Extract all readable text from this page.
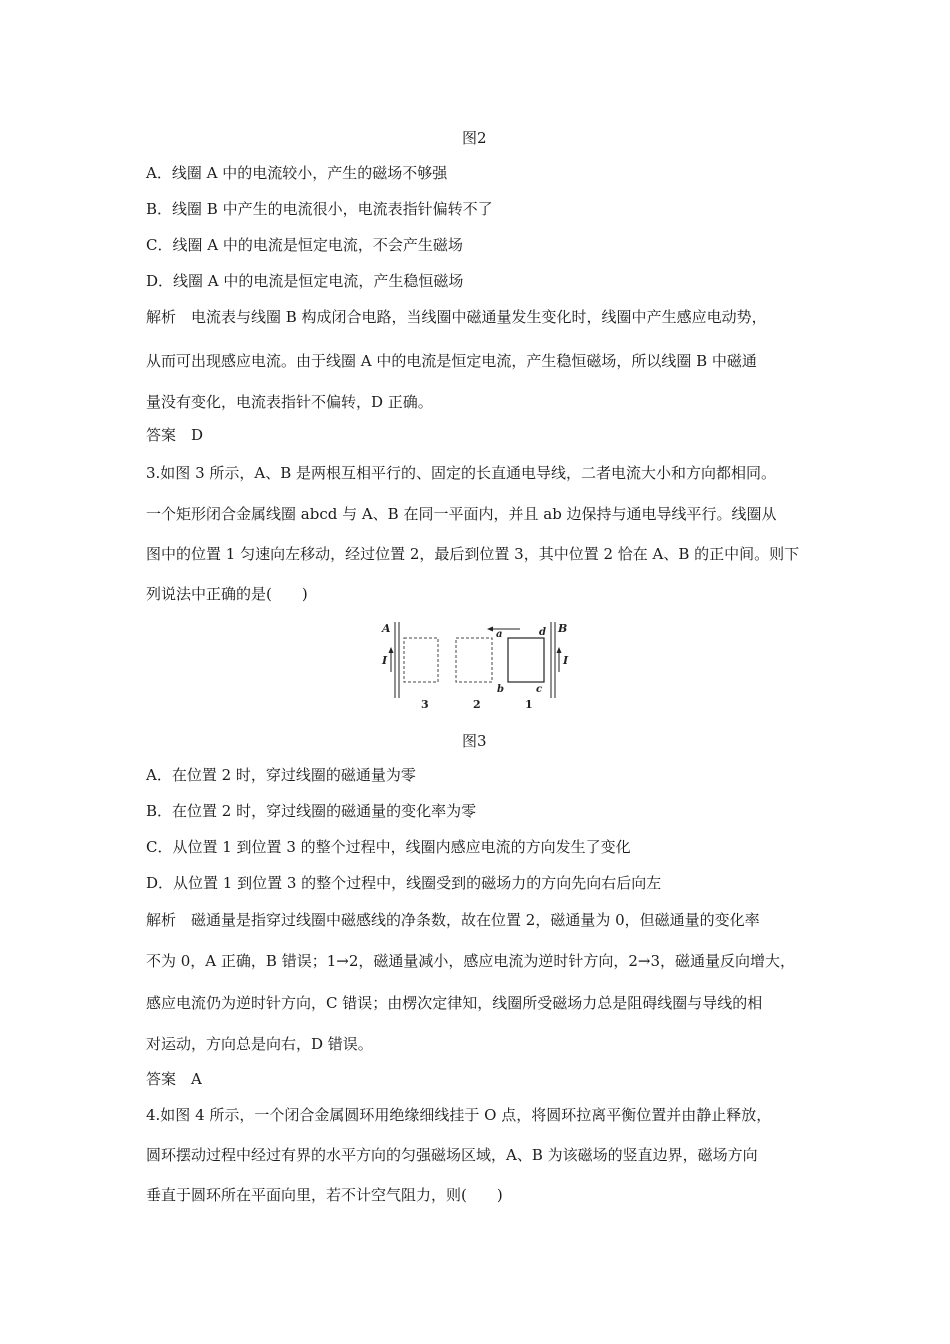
图2
A．线圈 A 中的电流较小，产生的磁场不够强
B．线圈 B 中产生的电流很小，电流表指针偏转不了
C．线圈 A 中的电流是恒定电流，不会产生磁场
D．线圈 A 中的电流是恒定电流，产生稳恒磁场
解析　电流表与线圈 B 构成闭合电路，当线圈中磁通量发生变化时，线圈中产生感应电动势，
从而可出现感应电流。由于线圈 A 中的电流是恒定电流，产生稳恒磁场，所以线圈 B 中磁通
量没有变化，电流表指针不偏转，D 正确。
答案　D
3.如图 3 所示，A、B 是两根互相平行的、固定的长直通电导线，二者电流大小和方向都相同。
一个矩形闭合金属线圈 abcd 与 A、B 在同一平面内，并且 ab 边保持与通电导线平行。线圈从
图中的位置 1 匀速向左移动，经过位置 2，最后到位置 3，其中位置 2 恰在 A、B 的正中间。则下
列说法中正确的是(　　)
A	B
I	I
a	d
b	c
3	2	1
图3
A．在位置 2 时，穿过线圈的磁通量为零
B．在位置 2 时，穿过线圈的磁通量的变化率为零
C．从位置 1 到位置 3 的整个过程中，线圈内感应电流的方向发生了变化
D．从位置 1 到位置 3 的整个过程中，线圈受到的磁场力的方向先向右后向左
解析　磁通量是指穿过线圈中磁感线的净条数，故在位置 2，磁通量为 0，但磁通量的变化率
不为 0，A 正确，B 错误；1→2，磁通量减小，感应电流为逆时针方向，2→3，磁通量反向增大，
感应电流仍为逆时针方向，C 错误；由楞次定律知，线圈所受磁场力总是阻碍线圈与导线的相
对运动，方向总是向右，D 错误。
答案　A
4.如图 4 所示，一个闭合金属圆环用绝缘细线挂于 O 点，将圆环拉离平衡位置并由静止释放，
圆环摆动过程中经过有界的水平方向的匀强磁场区域，A、B 为该磁场的竖直边界，磁场方向
垂直于圆环所在平面向里，若不计空气阻力，则(　　)
